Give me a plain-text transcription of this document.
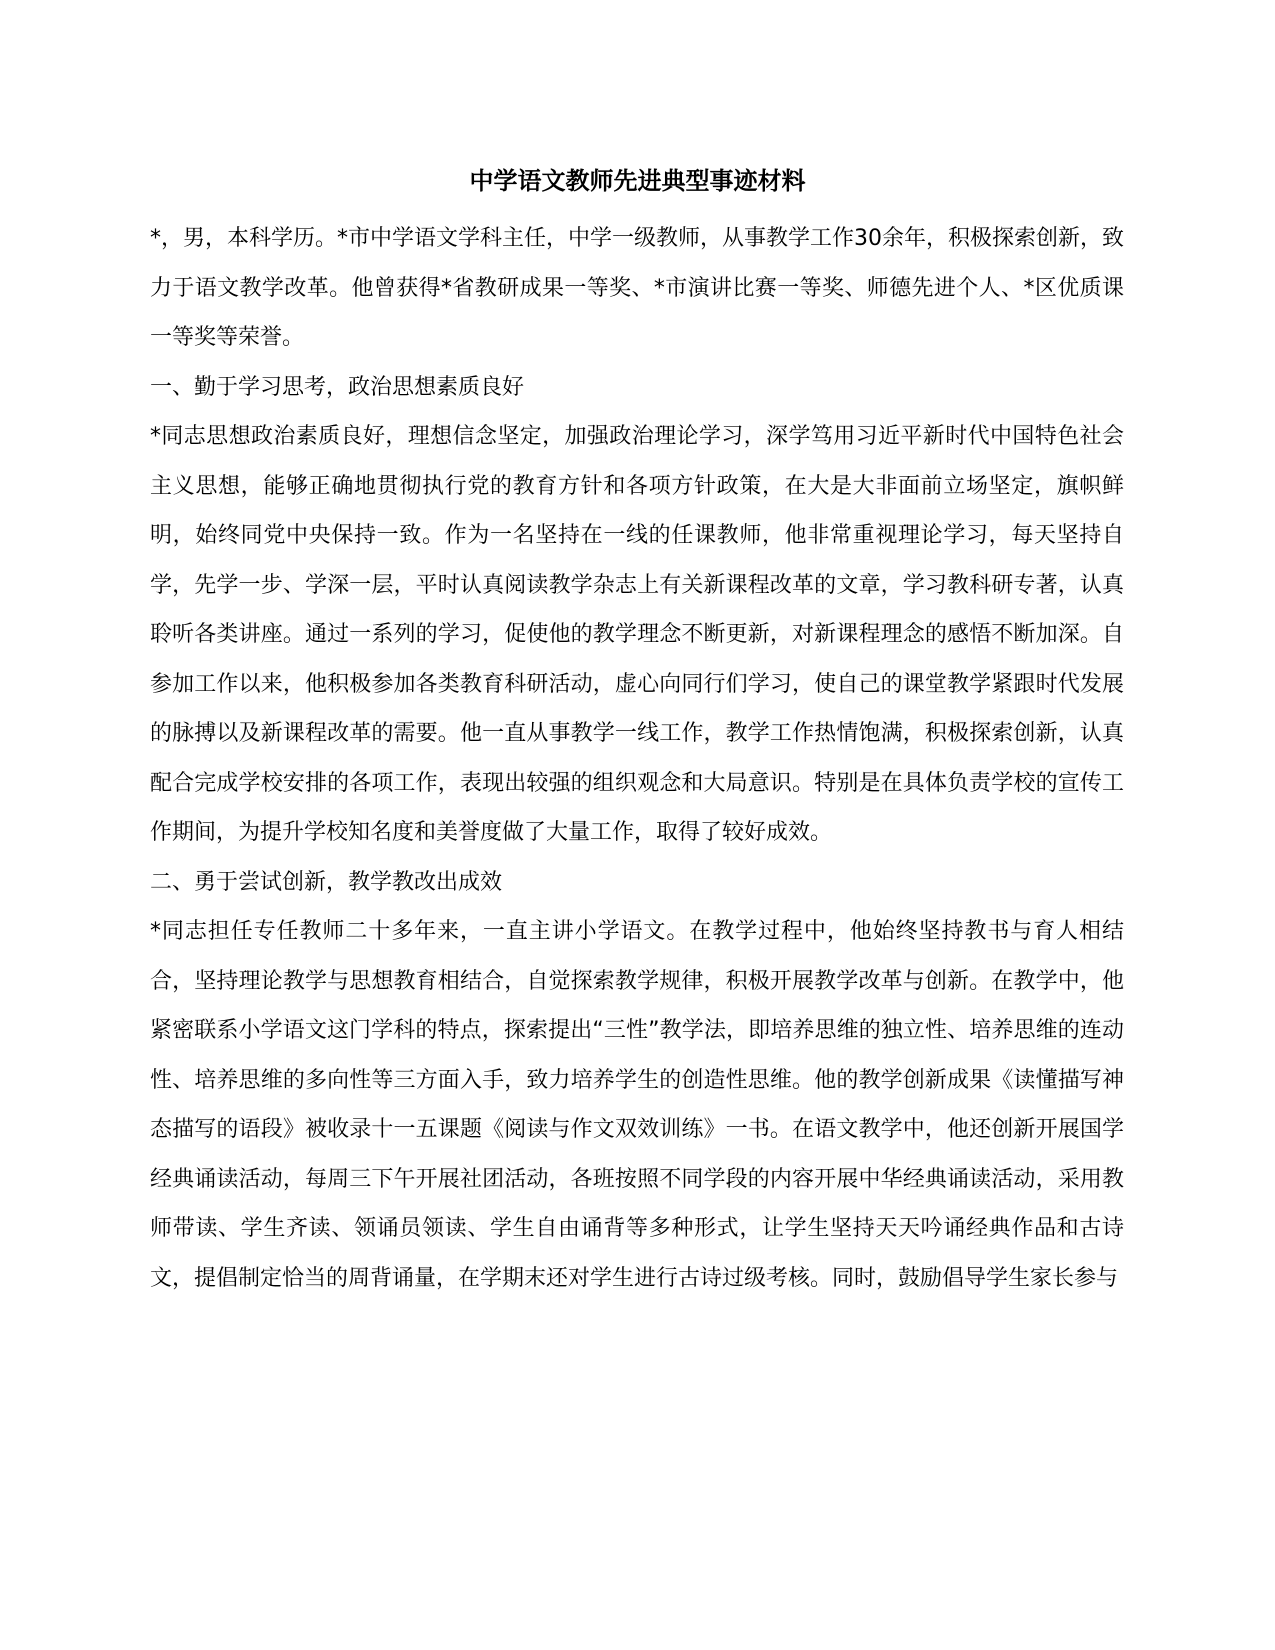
中学语文教师先进典型事迹材料

*，男，本科学历。*市中学语文学科主任，中学一级教师，从事教学工作30余年，积极探索创新，致力于语文教学改革。他曾获得*省教研成果一等奖、*市演讲比赛一等奖、师德先进个人、*区优质课一等奖等荣誉。

一、勤于学习思考，政治思想素质良好

*同志思想政治素质良好，理想信念坚定，加强政治理论学习，深学笃用习近平新时代中国特色社会主义思想，能够正确地贯彻执行党的教育方针和各项方针政策，在大是大非面前立场坚定，旗帜鲜明，始终同党中央保持一致。作为一名坚持在一线的任课教师，他非常重视理论学习，每天坚持自学，先学一步、学深一层，平时认真阅读教学杂志上有关新课程改革的文章，学习教科研专著，认真聆听各类讲座。通过一系列的学习，促使他的教学理念不断更新，对新课程理念的感悟不断加深。自参加工作以来，他积极参加各类教育科研活动，虚心向同行们学习，使自己的课堂教学紧跟时代发展的脉搏以及新课程改革的需要。他一直从事教学一线工作，教学工作热情饱满，积极探索创新，认真配合完成学校安排的各项工作，表现出较强的组织观念和大局意识。特别是在具体负责学校的宣传工作期间，为提升学校知名度和美誉度做了大量工作，取得了较好成效。

二、勇于尝试创新，教学教改出成效

*同志担任专任教师二十多年来，一直主讲小学语文。在教学过程中，他始终坚持教书与育人相结合，坚持理论教学与思想教育相结合，自觉探索教学规律，积极开展教学改革与创新。在教学中，他紧密联系小学语文这门学科的特点，探索提出“三性”教学法，即培养思维的独立性、培养思维的连动性、培养思维的多向性等三方面入手，致力培养学生的创造性思维。他的教学创新成果《读懂描写神态描写的语段》被收录十一五课题《阅读与作文双效训练》一书。在语文教学中，他还创新开展国学经典诵读活动，每周三下午开展社团活动，各班按照不同学段的内容开展中华经典诵读活动，采用教师带读、学生齐读、领诵员领读、学生自由诵背等多种形式，让学生坚持天天吟诵经典作品和古诗文，提倡制定恰当的周背诵量，在学期末还对学生进行古诗过级考核。同时，鼓励倡导学生家长参与
